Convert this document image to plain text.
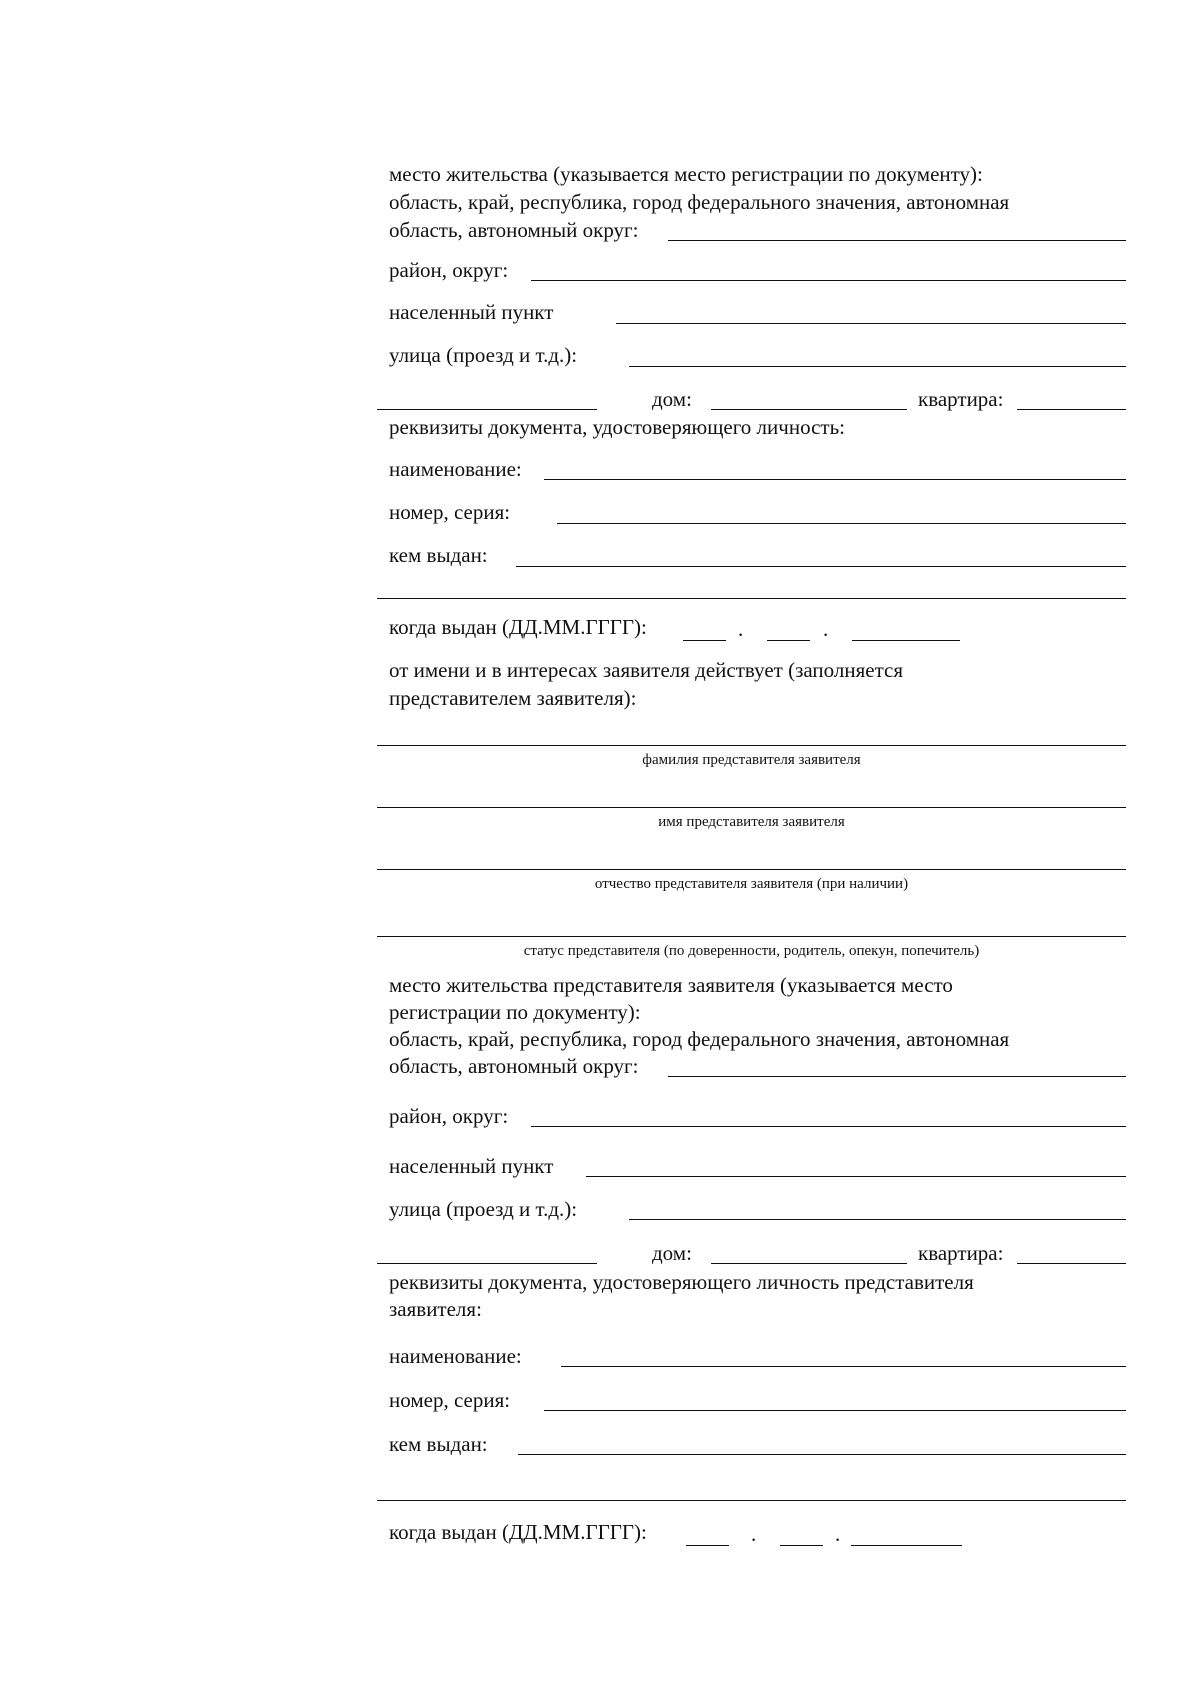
место жительства (указывается место регистрации по документу):
область, край, республика, город федерального значения, автономная
область, автономный округ:
район, округ:
населенный пункт
улица (проезд и т.д.):
дом:	квартира:
реквизиты документа, удостоверяющего личность:
наименование:
номер, серия:
кем выдан:
когда выдан (ДД.ММ.ГГГГ):	.	.
от имени и в интересах заявителя действует (заполняется
представителем заявителя):
фамилия представителя заявителя
имя представителя заявителя
отчество представителя заявителя (при наличии)
статус представителя (по доверенности, родитель, опекун, попечитель)
место жительства представителя заявителя (указывается место
регистрации по документу):
область, край, республика, город федерального значения, автономная
область, автономный округ:
район, округ:
населенный пункт
улица (проезд и т.д.):
дом:	квартира:
реквизиты документа, удостоверяющего личность представителя
заявителя:
наименование:
номер, серия:
кем выдан:
когда выдан (ДД.ММ.ГГГГ):	.	.
